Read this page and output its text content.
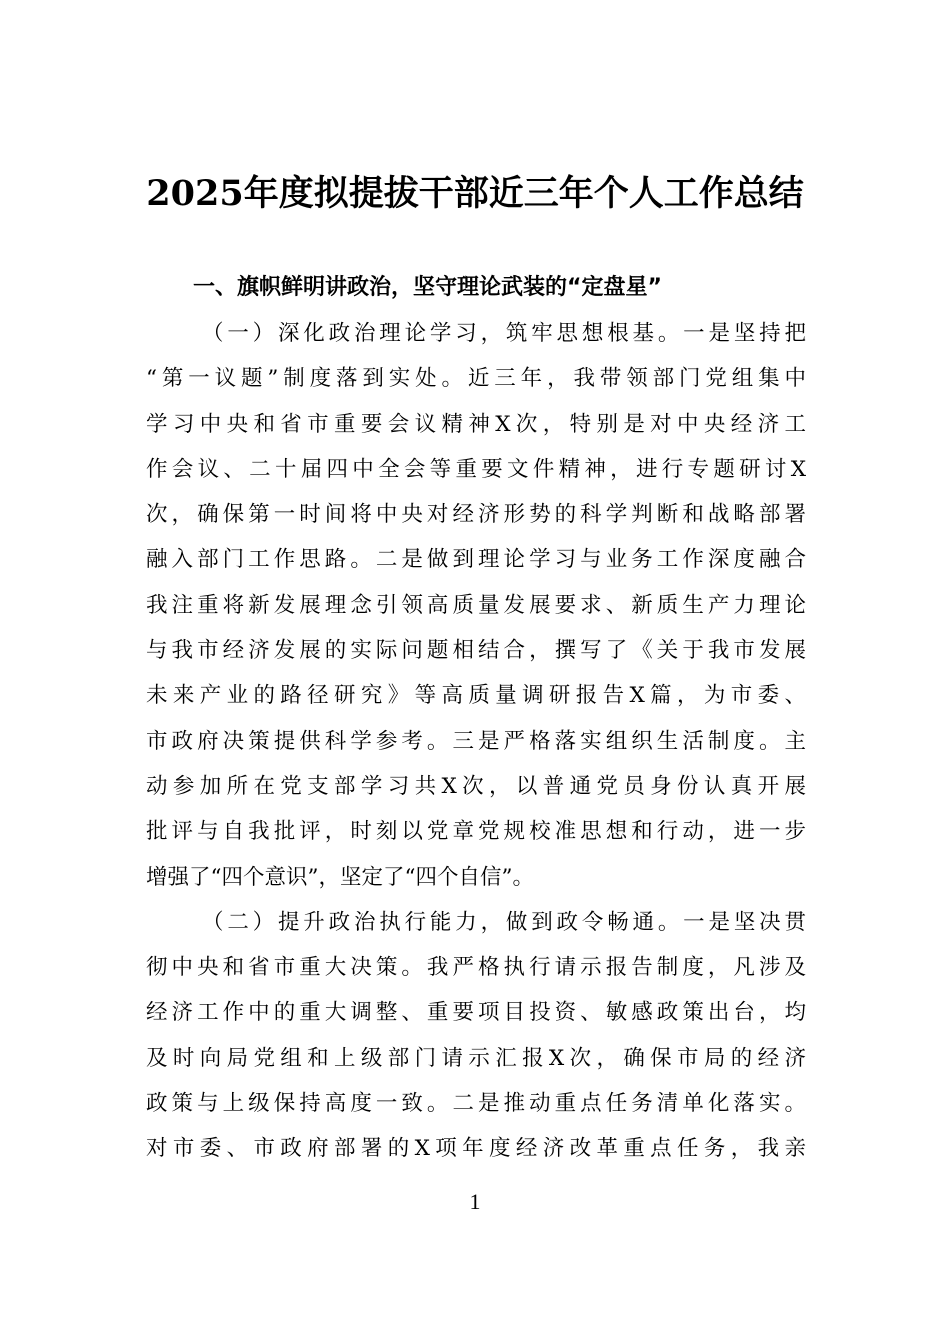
2025年度拟提拔干部近三年个人工作总结
一、旗帜鲜明讲政治，坚守理论武装的“定盘星”
（一）深化政治理论学习，筑牢思想根基。一是坚持把
“第一议题”制度落到实处。近三年，我带领部门党组集中
学习中央和省市重要会议精神X次，特别是对中央经济工
作会议、二十届四中全会等重要文件精神，进行专题研讨X
次，确保第一时间将中央对经济形势的科学判断和战略部署
融入部门工作思路。二是做到理论学习与业务工作深度融合
我注重将新发展理念引领高质量发展要求、新质生产力理论
与我市经济发展的实际问题相结合，撰写了《关于我市发展
未来产业的路径研究》等高质量调研报告X篇，为市委、
市政府决策提供科学参考。三是严格落实组织生活制度。主
动参加所在党支部学习共X次，以普通党员身份认真开展
批评与自我批评，时刻以党章党规校准思想和行动，进一步
增强了“四个意识”，坚定了“四个自信”。
（二）提升政治执行能力，做到政令畅通。一是坚决贯
彻中央和省市重大决策。我严格执行请示报告制度，凡涉及
经济工作中的重大调整、重要项目投资、敏感政策出台，均
及时向局党组和上级部门请示汇报X次，确保市局的经济
政策与上级保持高度一致。二是推动重点任务清单化落实。
对市委、市政府部署的X项年度经济改革重点任务，我亲
1
